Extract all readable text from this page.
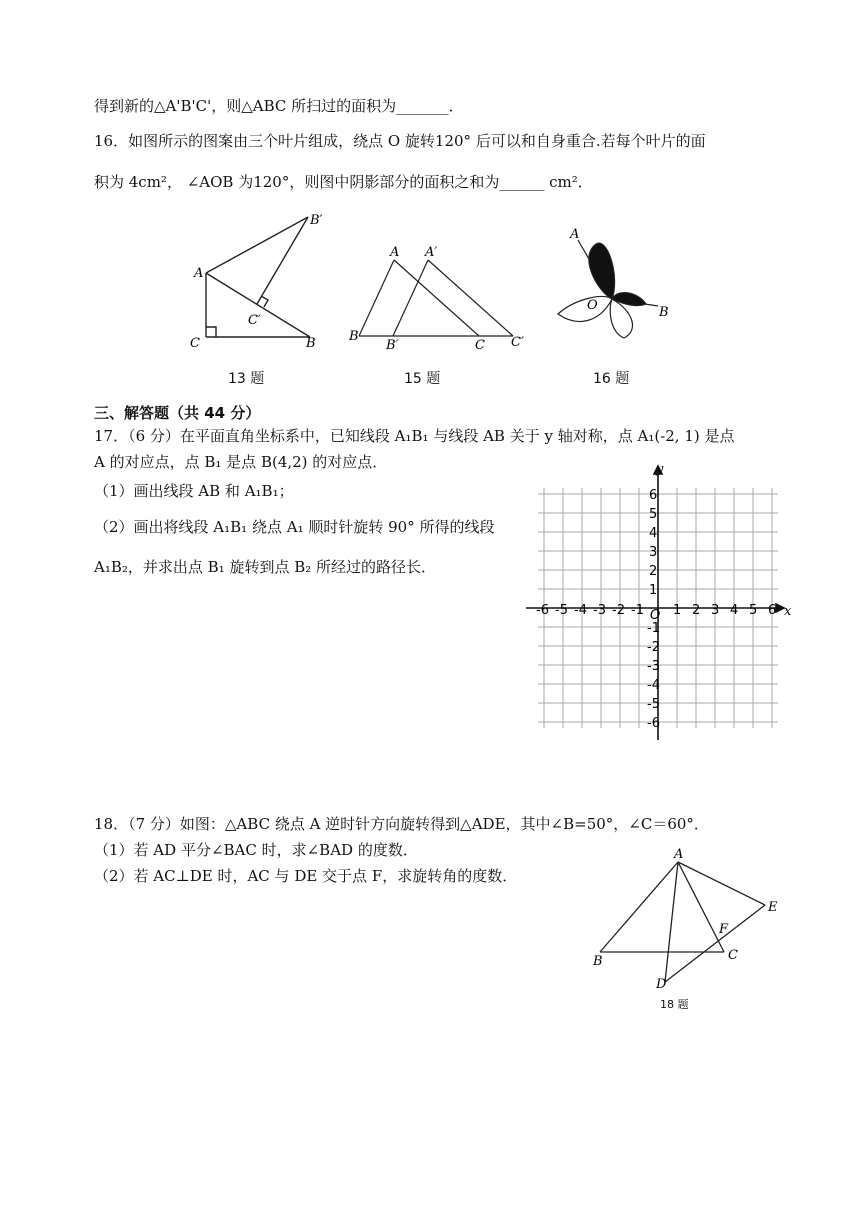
得到新的△A'B'C'，则△ABC 所扫过的面积为_______．
16．如图所示的图案由三个叶片组成，绕点 O 旋转120° 后可以和自身重合.若每个叶片的面
积为 4cm²， ∠AOB 为120°，则图中阴影部分的面积之和为______ cm²．
A
C	B
B′
C′
13 题
A A′
B
B′	C C′
15 题
A
O	B
16 题
三、解答题（共 44 分）
17．（6 分）在平面直角坐标系中，已知线段 A₁B₁ 与线段 AB 关于 y 轴对称，点 A₁(-2, 1) 是点
A 的对应点，点 B₁ 是点 B(4,2) 的对应点．
（1）画出线段 AB 和 A₁B₁；
（2）画出将线段 A₁B₁ 绕点 A₁ 顺时针旋转 90° 所得的线段
A₁B₂，并求出点 B₁ 旋转到点 B₂ 所经过的路径长．
-6 -5 -4 -3 -2 -1 1 2 3 4 5 6
6
5
4
3
2
1
-1
-2
-3
-4
-5
-6
x
y
O
18．（7 分）如图：△ABC 绕点 A 逆时针方向旋转得到△ADE，其中∠B=50°，∠C＝60°．
（1）若 AD 平分∠BAC 时，求∠BAD 的度数．
（2）若 AC⊥DE 时，AC 与 DE 交于点 F，求旋转角的度数．
A
B	C
D
E
F
18 题
